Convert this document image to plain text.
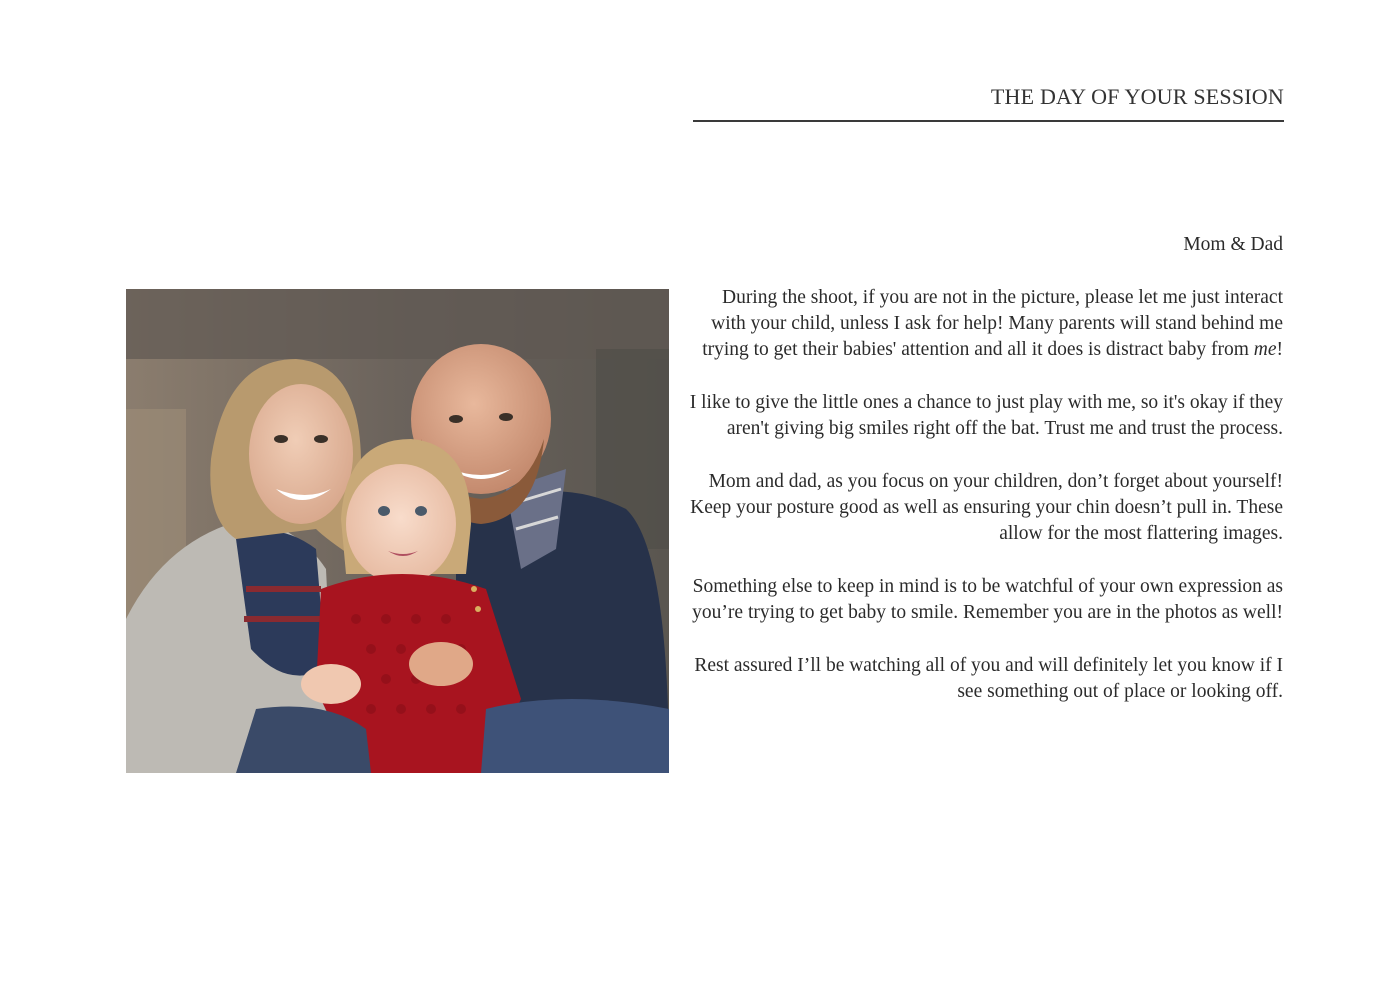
THE DAY OF YOUR SESSION

Mom & Dad

During the shoot, if you are not in the picture, please let me just interact with your child, unless I ask for help! Many parents will stand behind me trying to get their babies' attention and all it does is distract baby from me!

I like to give the little ones a chance to just play with me, so it's okay if they aren't giving big smiles right off the bat. Trust me and trust the process.

Mom and dad, as you focus on your children, don’t forget about yourself! Keep your posture good as well as ensuring your chin doesn’t pull in. These allow for the most flattering images.

Something else to keep in mind is to be watchful of your own expression as you’re trying to get baby to smile. Remember you are in the photos as well!

Rest assured I’ll be watching all of you and will definitely let you know if I see something out of place or looking off.
